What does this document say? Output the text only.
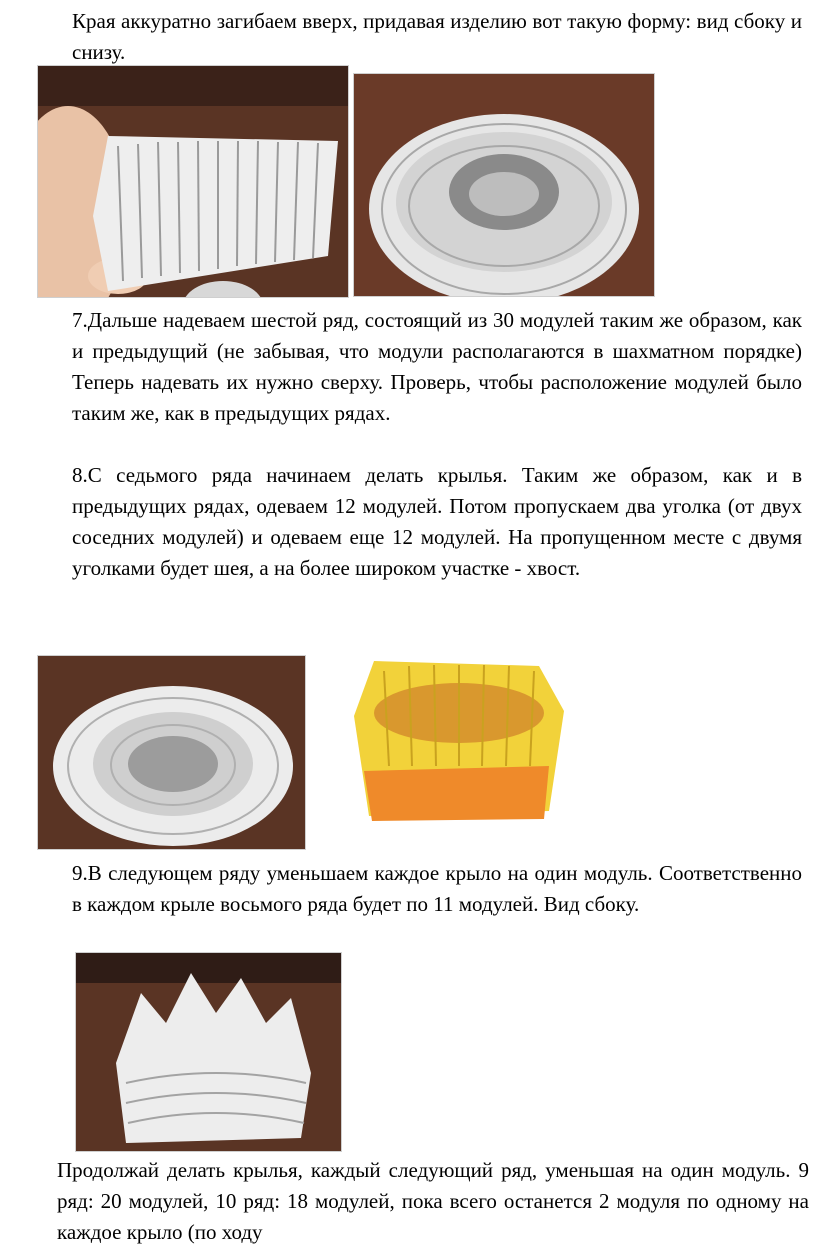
Края аккуратно загибаем вверх, придавая изделию вот такую форму: вид сбоку и снизу.

7.Дальше надеваем шестой ряд, состоящий из 30 модулей таким же образом, как и предыдущий (не забывая, что модули располагаются в шахматном порядке) Теперь надевать их нужно сверху. Проверь, чтобы расположение модулей было таким же, как в предыдущих рядах.

8.С седьмого ряда начинаем делать крылья. Таким же образом, как и в предыдущих рядах, одеваем 12 модулей. Потом пропускаем два уголка (от двух соседних модулей) и одеваем еще 12 модулей. На пропущенном месте с двумя уголками будет шея, а на более широком участке - хвост.

9.В следующем ряду уменьшаем каждое крыло на один модуль. Соответственно в каждом крыле восьмого ряда будет по 11 модулей. Вид сбоку.

Продолжай делать крылья, каждый следующий ряд, уменьшая на один модуль. 9 ряд: 20 модулей, 10 ряд: 18 модулей, пока всего останется 2 модуля по одному на каждое крыло (по ходу
